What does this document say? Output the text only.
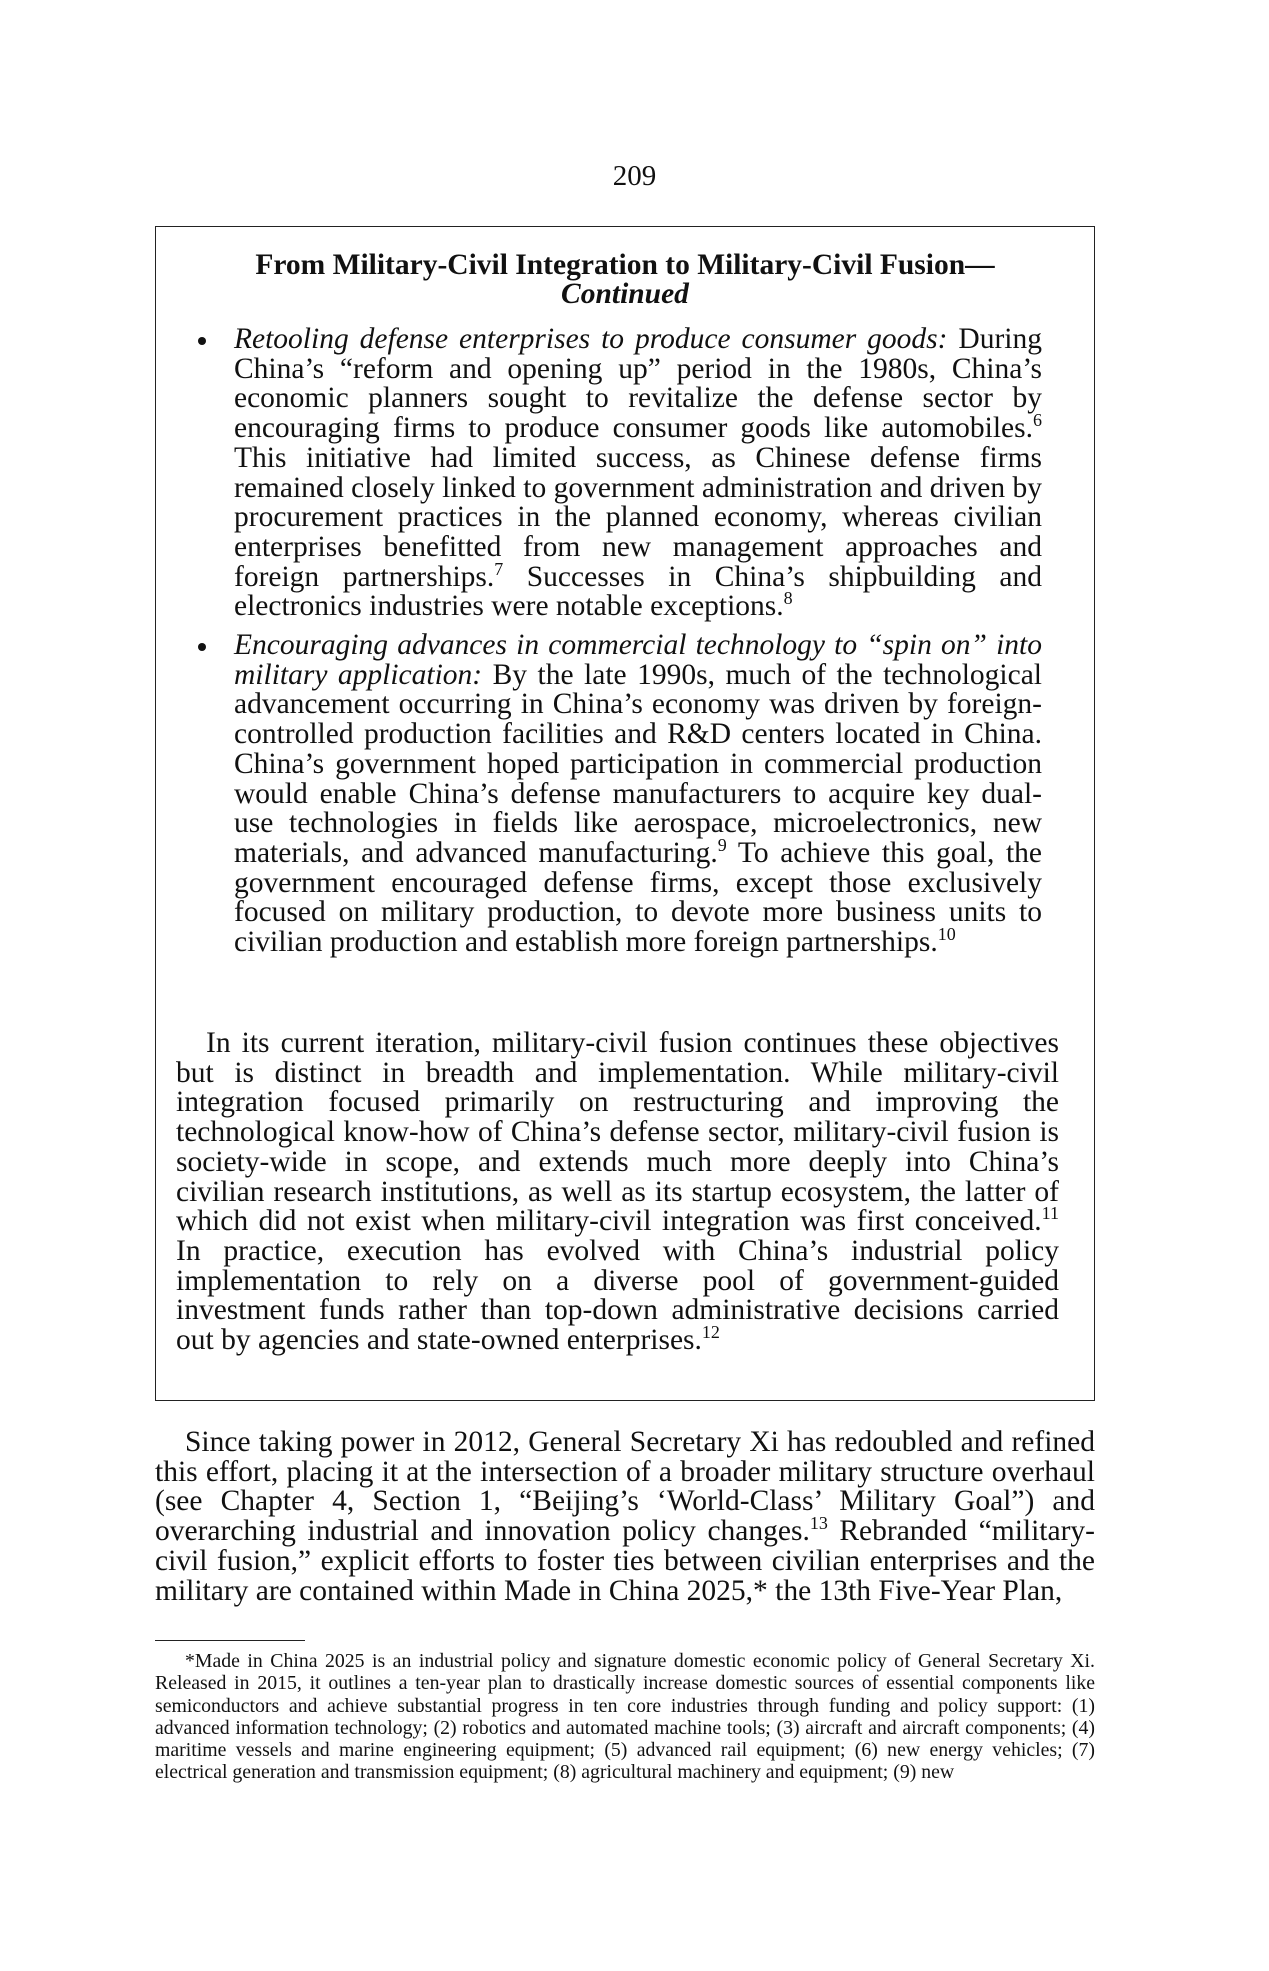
209
From Military-Civil Integration to Military-Civil Fusion—
Continued
Retooling defense enterprises to produce consumer goods: During China’s “reform and opening up” period in the 1980s, China’s economic planners sought to revitalize the defense sector by encouraging firms to produce consumer goods like automobiles.$^6$ This initiative had limited success, as Chinese defense firms remained closely linked to government administration and driven by procurement practices in the planned economy, whereas civilian enterprises benefitted from new management approaches and foreign partnerships.$^7$ Successes in China’s shipbuilding and electronics industries were notable exceptions.$^8$
Encouraging advances in commercial technology to “spin on” into military application: By the late 1990s, much of the technological advancement occurring in China’s economy was driven by foreign-controlled production facilities and R&D centers located in China. China’s government hoped participation in commercial production would enable China’s defense manufacturers to acquire key dual-use technologies in fields like aerospace, microelectronics, new materials, and advanced manufacturing.$^9$ To achieve this goal, the government encouraged defense firms, except those exclusively focused on military production, to devote more business units to civilian production and establish more foreign partnerships.$^{10}$
In its current iteration, military-civil fusion continues these objectives but is distinct in breadth and implementation. While military-civil integration focused primarily on restructuring and improving the technological know-how of China’s defense sector, military-civil fusion is society-wide in scope, and extends much more deeply into China’s civilian research institutions, as well as its startup ecosystem, the latter of which did not exist when military-civil integration was first conceived.$^{11}$ In practice, execution has evolved with China’s industrial policy implementation to rely on a diverse pool of government-guided investment funds rather than top-down administrative decisions carried out by agencies and state-owned enterprises.$^{12}$
Since taking power in 2012, General Secretary Xi has redoubled and refined this effort, placing it at the intersection of a broader military structure overhaul (see Chapter 4, Section 1, “Beijing’s ‘World-Class’ Military Goal”) and overarching industrial and innovation policy changes.$^{13}$ Rebranded “military-civil fusion,” explicit efforts to foster ties between civilian enterprises and the military are contained within Made in China 2025,* the 13th Five-Year Plan,
*Made in China 2025 is an industrial policy and signature domestic economic policy of General Secretary Xi. Released in 2015, it outlines a ten-year plan to drastically increase domestic sources of essential components like semiconductors and achieve substantial progress in ten core industries through funding and policy support: (1) advanced information technology; (2) robotics and automated machine tools; (3) aircraft and aircraft components; (4) maritime vessels and marine engineering equipment; (5) advanced rail equipment; (6) new energy vehicles; (7) electrical generation and transmission equipment; (8) agricultural machinery and equipment; (9) new
